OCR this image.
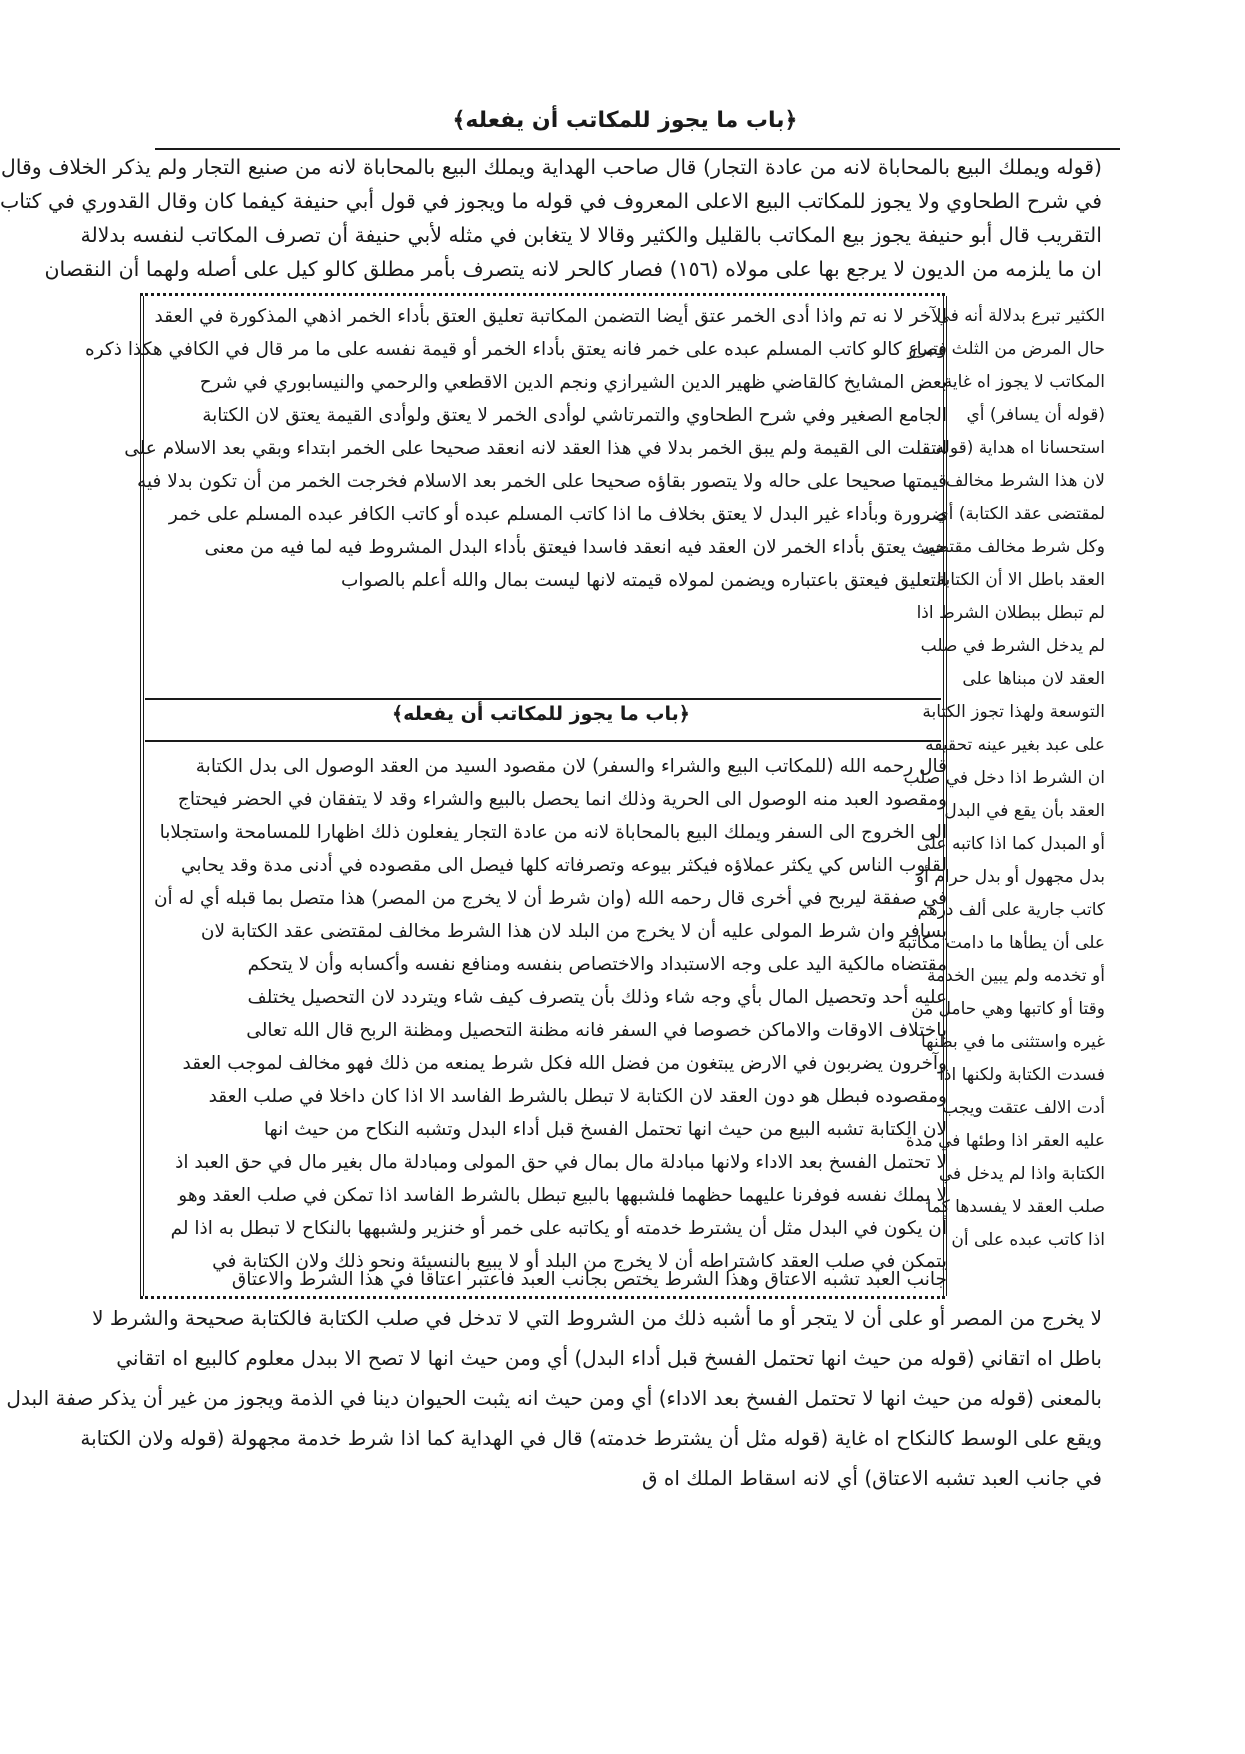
﴿باب ما يجوز للمكاتب أن يفعله﴾
(قوله ويملك البيع بالمحاباة لانه من عادة التجار) قال صاحب الهداية ويملك البيع بالمحاباة لانه من صنيع التجار ولم يذكر الخلاف وقال
في شرح الطحاوي ولا يجوز للمكاتب البيع الاعلى المعروف في قوله ما ويجوز في قول أبي حنيفة كيفما كان وقال القدوري في كتاب
التقريب قال أبو حنيفة يجوز بيع المكاتب بالقليل والكثير وقالا لا يتغابن في مثله لأبي حنيفة أن تصرف المكاتب لنفسه بدلالة
ان ما يلزمه من الديون لا يرجع بها على مولاه (١٥٦) فصار كالحر لانه يتصرف بأمر مطلق كالو كيل على أصله ولهما أن النقصان
الآخر لا نه تم واذا أدى الخمر عتق أيضا التضمن المكاتبة تعليق العتق بأداء الخمر اذهي المذكورة في العقد
فصار كالو كاتب المسلم عبده على خمر فانه يعتق بأداء الخمر أو قيمة نفسه على ما مر قال في الكافي هكذا ذكره
بعض المشايخ كالقاضي ظهير الدين الشيرازي ونجم الدين الاقطعي والرحمي والنيسابوري في شرح
الجامع الصغير وفي شرح الطحاوي والتمرتاشي لوأدى الخمر لا يعتق ولوأدى القيمة يعتق لان الكتابة
انتقلت الى القيمة ولم يبق الخمر بدلا في هذا العقد لانه انعقد صحيحا على الخمر ابتداء وبقي بعد الاسلام على
قيمتها صحيحا على حاله ولا يتصور بقاؤه صحيحا على الخمر بعد الاسلام فخرجت الخمر من أن تكون بدلا فيه
ضرورة وبأداء غير البدل لا يعتق بخلاف ما اذا كاتب المسلم عبده أو كاتب الكافر عبده المسلم على خمر
حيث يعتق بأداء الخمر لان العقد فيه انعقد فاسدا فيعتق بأداء البدل المشروط فيه لما فيه من معنى
التعليق فيعتق باعتباره ويضمن لمولاه قيمته لانها ليست بمال والله أعلم بالصواب
﴿باب ما يجوز للمكاتب أن يفعله﴾
قال رحمه الله (للمكاتب البيع والشراء والسفر) لان مقصود السيد من العقد الوصول الى بدل الكتابة
ومقصود العبد منه الوصول الى الحرية وذلك انما يحصل بالبيع والشراء وقد لا يتفقان في الحضر فيحتاج
الى الخروج الى السفر ويملك البيع بالمحاباة لانه من عادة التجار يفعلون ذلك اظهارا للمسامحة واستجلابا
لقلوب الناس كي يكثر عملاؤه فيكثر بيوعه وتصرفاته كلها فيصل الى مقصوده في أدنى مدة وقد يحابي
في صفقة ليربح في أخرى قال رحمه الله (وان شرط أن لا يخرج من المصر) هذا متصل بما قبله أي له أن
يسافر وان شرط المولى عليه أن لا يخرج من البلد لان هذا الشرط مخالف لمقتضى عقد الكتابة لان
مقتضاه مالكية اليد على وجه الاستبداد والاختصاص بنفسه ومنافع نفسه وأكسابه وأن لا يتحكم
عليه أحد وتحصيل المال بأي وجه شاء وذلك بأن يتصرف كيف شاء ويتردد لان التحصيل يختلف
باختلاف الاوقات والاماكن خصوصا في السفر فانه مظنة التحصيل ومظنة الربح قال الله تعالى
وآخرون يضربون في الارض يبتغون من فضل الله فكل شرط يمنعه من ذلك فهو مخالف لموجب العقد
ومقصوده فبطل هو دون العقد لان الكتابة لا تبطل بالشرط الفاسد الا اذا كان داخلا في صلب العقد
لان الكتابة تشبه البيع من حيث انها تحتمل الفسخ قبل أداء البدل وتشبه النكاح من حيث انها
لا تحتمل الفسخ بعد الاداء ولانها مبادلة مال بمال في حق المولى ومبادلة مال بغير مال في حق العبد اذ
لا يملك نفسه فوفرنا عليهما حظهما فلشبهها بالبيع تبطل بالشرط الفاسد اذا تمكن في صلب العقد وهو
أن يكون في البدل مثل أن يشترط خدمته أو يكاتبه على خمر أو خنزير ولشبهها بالنكاح لا تبطل به اذا لم
يتمكن في صلب العقد كاشتراطه أن لا يخرج من البلد أو لا يبيع بالنسيئة ونحو ذلك ولان الكتابة في
جانب العبد تشبه الاعتاق وهذا الشرط يختص بجانب العبد فاعتبر اعتاقا في هذا الشرط والاعتاق
الكثير تبرع بدلالة أنه في
حال المرض من الثلث وتبرع
المكاتب لا يجوز اه غاية
(قوله أن يسافر) أي
استحسانا اه هداية (قوله
لان هذا الشرط مخالف
لمقتضى عقد الكتابة) أي
وكل شرط مخالف مقتضى
العقد باطل الا أن الكتابة
لم تبطل ببطلان الشرط اذا
لم يدخل الشرط في صلب
العقد لان مبناها على
التوسعة ولهذا تجوز الكتابة
على عبد بغير عينه تحقيقه
ان الشرط اذا دخل في صلب
العقد بأن يقع في البدل
أو المبدل كما اذا كاتبه على
بدل مجهول أو بدل حرام أو
كاتب جارية على ألف درهم
على أن يطأها ما دامت مكاتبة
أو تخدمه ولم يبين الخدمة
وقتا أو كاتبها وهي حامل من
غيره واستثنى ما في بطنها
فسدت الكتابة ولكنها اذا
أدت الالف عتقت ويجب
عليه العقر اذا وطئها في مدة
الكتابة واذا لم يدخل في
صلب العقد لا يفسدها كما
اذا كاتب عبده على أن
لا يخرج من المصر أو على أن لا يتجر أو ما أشبه ذلك من الشروط التي لا تدخل في صلب الكتابة فالكتابة صحيحة والشرط لا
باطل اه اتقاني (قوله من حيث انها تحتمل الفسخ قبل أداء البدل) أي ومن حيث انها لا تصح الا ببدل معلوم كالبيع اه اتقاني
بالمعنى (قوله من حيث انها لا تحتمل الفسخ بعد الاداء) أي ومن حيث انه يثبت الحيوان دينا في الذمة ويجوز من غير أن يذكر صفة البدل
ويقع على الوسط كالنكاح اه غاية (قوله مثل أن يشترط خدمته) قال في الهداية كما اذا شرط خدمة مجهولة (قوله ولان الكتابة
في جانب العبد تشبه الاعتاق) أي لانه اسقاط الملك اه ق
